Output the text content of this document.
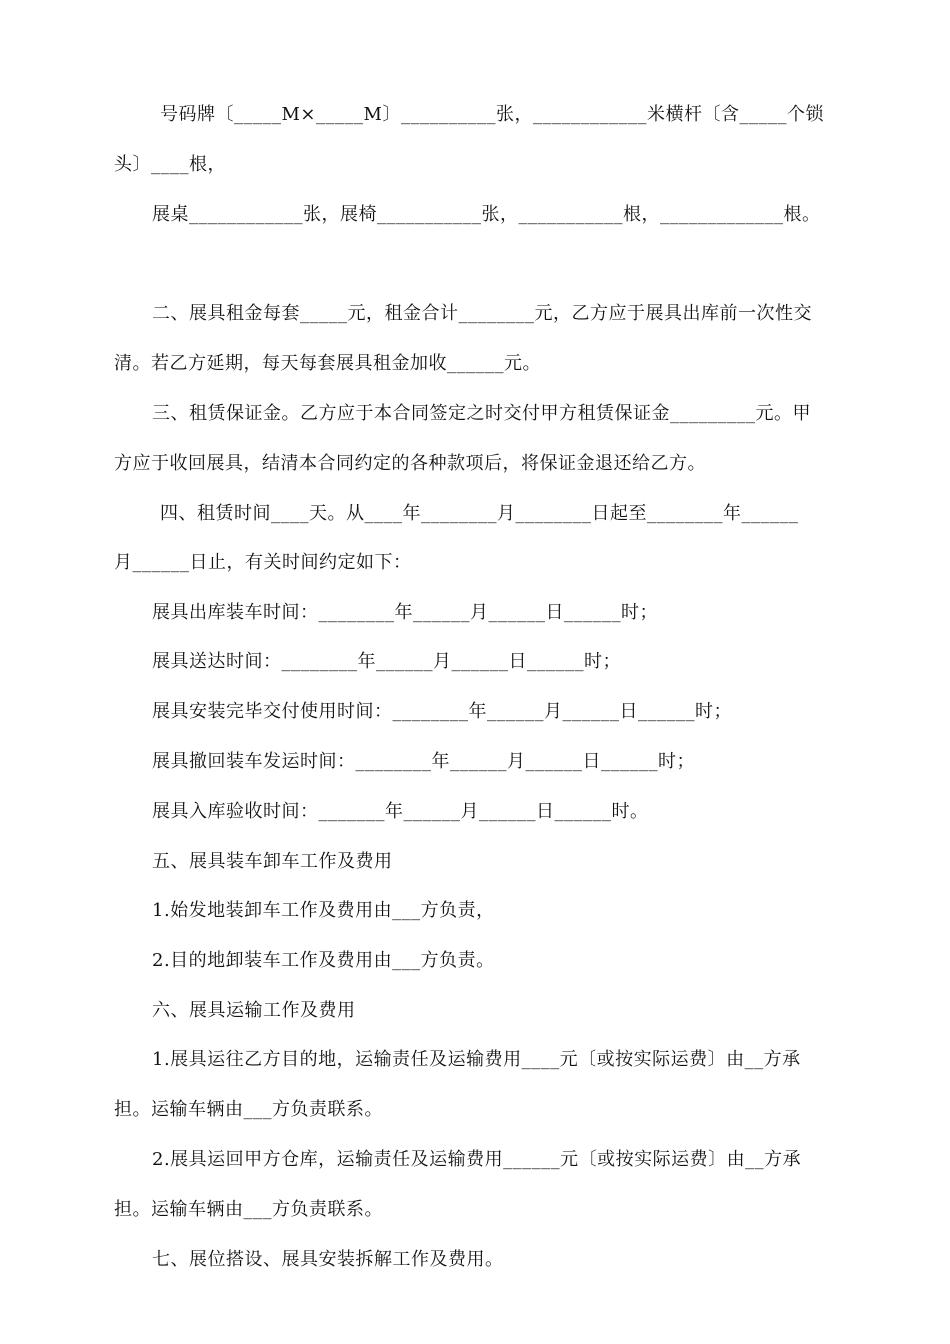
号码牌〔_____M×_____M〕__________张，____________米横杆〔含_____个锁
头〕____根，
展桌____________张，展椅___________张，___________根，_____________根。
二、展具租金每套_____元，租金合计________元，乙方应于展具出库前一次性交
清。若乙方延期，每天每套展具租金加收______元。
三、租赁保证金。乙方应于本合同签定之时交付甲方租赁保证金_________元。甲
方应于收回展具，结清本合同约定的各种款项后，将保证金退还给乙方。
四、租赁时间____天。从____年________月________日起至________年______
月______日止，有关时间约定如下：
展具出库装车时间：________年______月______日______时；
展具送达时间：________年______月______日______时；
展具安装完毕交付使用时间：________年______月______日______时；
展具撤回装车发运时间：________年______月______日______时；
展具入库验收时间：_______年______月______日______时。
五、展具装车卸车工作及费用
1.始发地装卸车工作及费用由___方负责，
2.目的地卸装车工作及费用由___方负责。
六、展具运输工作及费用
1.展具运往乙方目的地，运输责任及运输费用____元〔或按实际运费〕由__方承
担。运输车辆由___方负责联系。
2.展具运回甲方仓库，运输责任及运输费用______元〔或按实际运费〕由__方承
担。运输车辆由___方负责联系。
七、展位搭设、展具安装拆解工作及费用。
